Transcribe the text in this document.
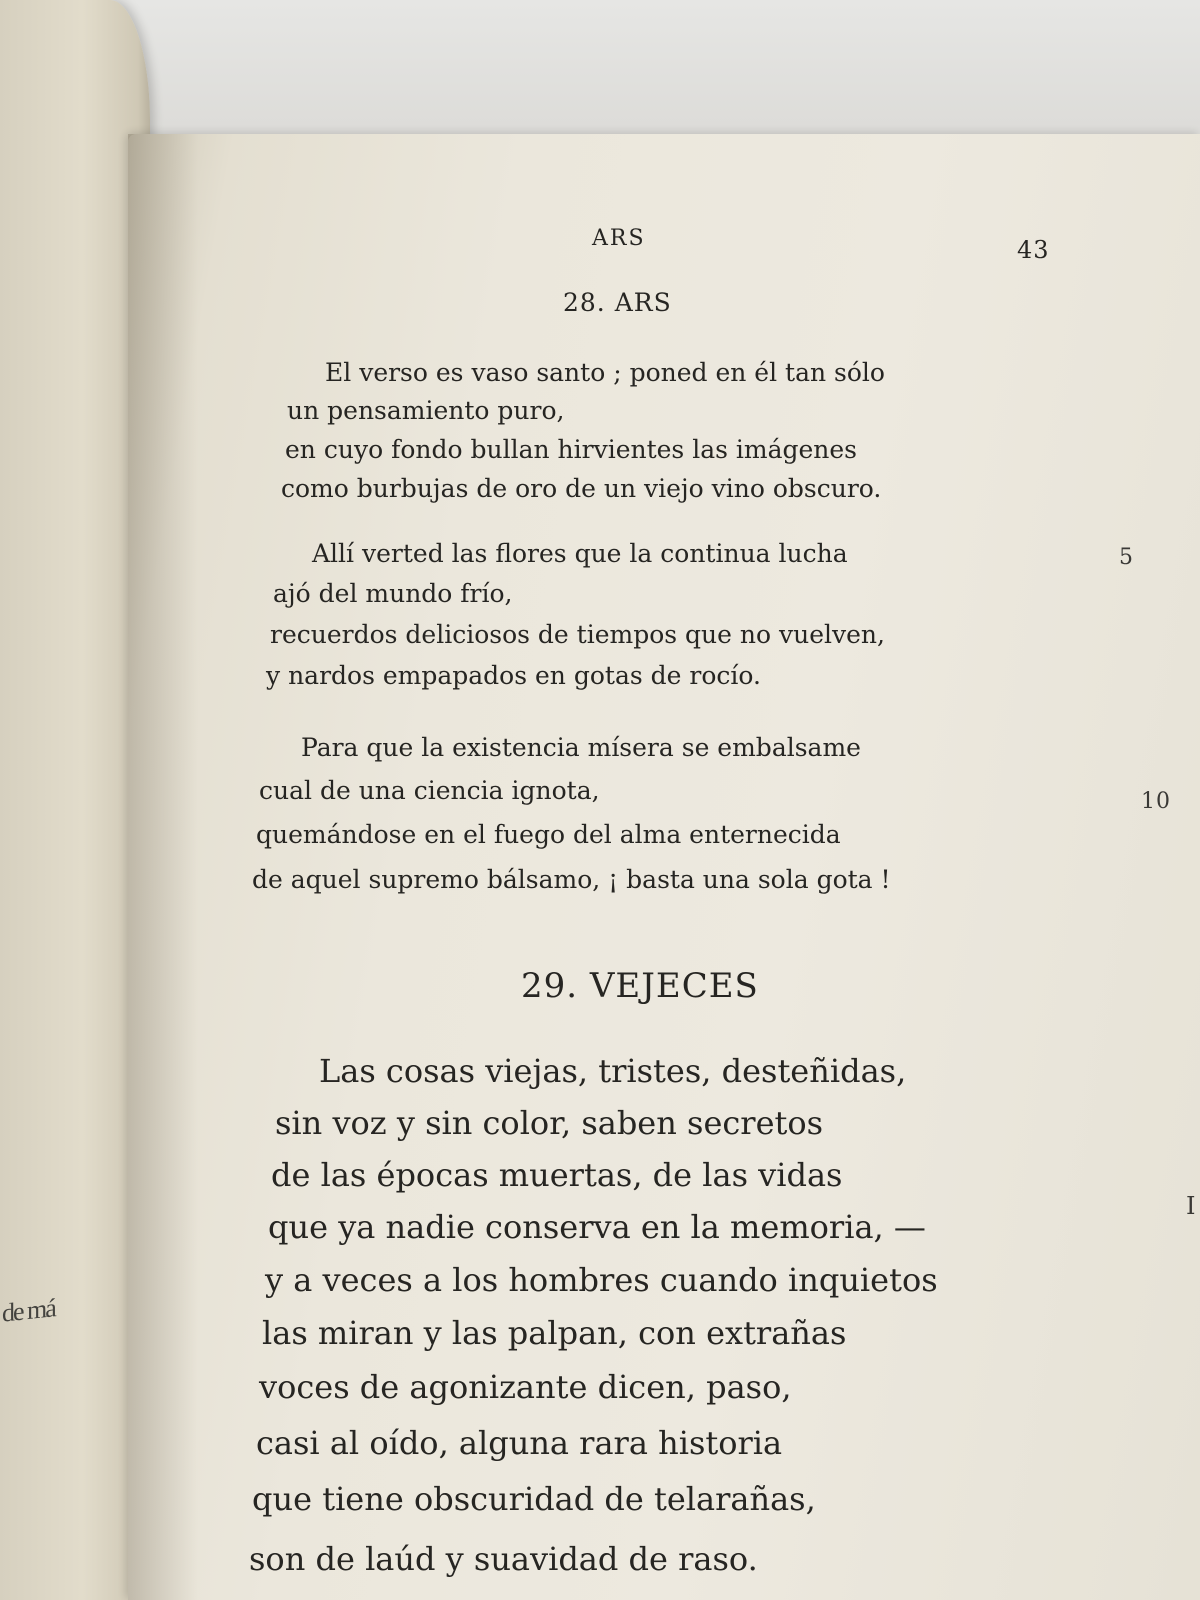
de má

ARS	43

28. ARS

El verso es vaso santo ; poned en él tan sólo

un pensamiento puro,

en cuyo fondo bullan hirvientes las imágenes

como burbujas de oro de un viejo vino obscuro.

Allí verted las flores que la continua lucha	5

ajó del mundo frío,

recuerdos deliciosos de tiempos que no vuelven,

y nardos empapados en gotas de rocío.

Para que la existencia mísera se embalsame

cual de una ciencia ignota,	10

quemándose en el fuego del alma enternecida

de aquel supremo bálsamo, ¡ basta una sola gota !

29. VEJECES

Las cosas viejas, tristes, desteñidas,

sin voz y sin color, saben secretos

de las épocas muertas, de las vidas

I

que ya nadie conserva en la memoria, —

y a veces a los hombres cuando inquietos

las miran y las palpan, con extrañas

voces de agonizante dicen, paso,

casi al oído, alguna rara historia

que tiene obscuridad de telarañas,

son de laúd y suavidad de raso.
